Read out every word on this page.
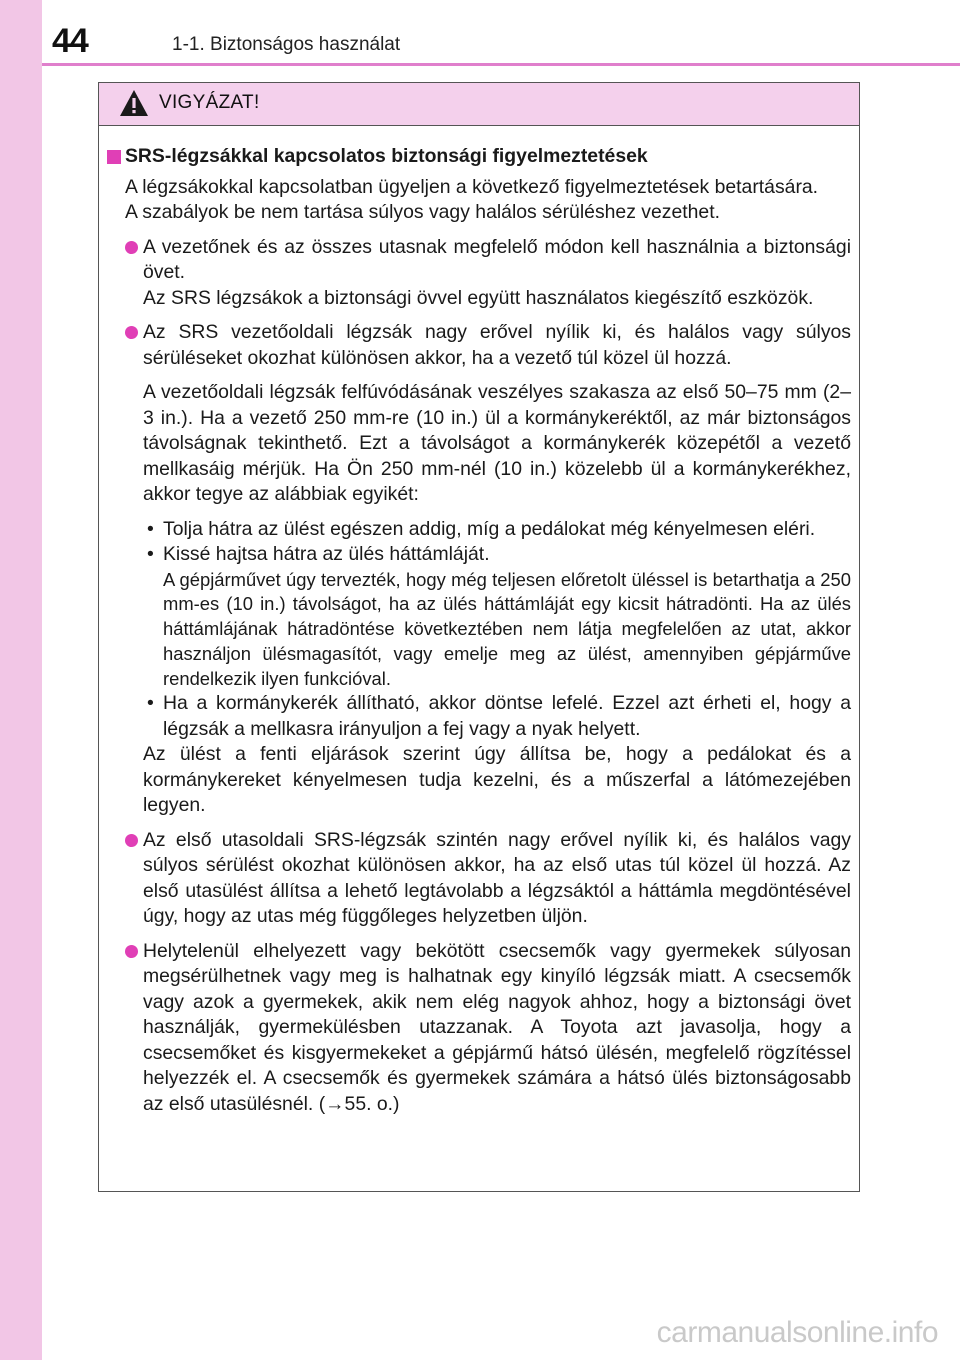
44	1-1. Biztonságos használat
VIGYÁZAT!
SRS-légzsákkal kapcsolatos biztonsági figyelmeztetések

A légzsákokkal kapcsolatban ügyeljen a következő figyelmeztetések betartására.

A szabályok be nem tartása súlyos vagy halálos sérüléshez vezethet.

A vezetőnek és az összes utasnak megfelelő módon kell használnia a biztonsági övet.

Az SRS légzsákok a biztonsági övvel együtt használatos kiegészítő eszközök.

Az SRS vezetőoldali légzsák nagy erővel nyílik ki, és halálos vagy súlyos sérüléseket okozhat különösen akkor, ha a vezető túl közel ül hozzá.

A vezetőoldali légzsák felfúvódásának veszélyes szakasza az első 50–75 mm (2–3 in.). Ha a vezető 250 mm-re (10 in.) ül a kormánykeréktől, az már biztonságos távolságnak tekinthető. Ezt a távolságot a kormánykerék közepétől a vezető mellkasáig mérjük. Ha Ön 250 mm-nél (10 in.) közelebb ül a kormánykerékhez, akkor tegye az alábbiak egyikét:

• Tolja hátra az ülést egészen addig, míg a pedálokat még kényelmesen eléri.
• Kissé hajtsa hátra az ülés háttámláját.
A gépjárművet úgy tervezték, hogy még teljesen előretolt üléssel is betarthatja a 250 mm-es (10 in.) távolságot, ha az ülés háttámláját egy kicsit hátradönti. Ha az ülés háttámlájának hátradöntése következtében nem látja megfelelően az utat, akkor használjon ülésmagasítót, vagy emelje meg az ülést, amennyiben gépjárműve rendelkezik ilyen funkcióval.
• Ha a kormánykerék állítható, akkor döntse lefelé. Ezzel azt érheti el, hogy a légzsák a mellkasra irányuljon a fej vagy a nyak helyett.

Az ülést a fenti eljárások szerint úgy állítsa be, hogy a pedálokat és a kormánykereket kényelmesen tudja kezelni, és a műszerfal a látómezejében legyen.

Az első utasoldali SRS-légzsák szintén nagy erővel nyílik ki, és halálos vagy súlyos sérülést okozhat különösen akkor, ha az első utas túl közel ül hozzá. Az első utasülést állítsa a lehető legtávolabb a légzsáktól a háttámla megdöntésével úgy, hogy az utas még függőleges helyzetben üljön.

Helytelenül elhelyezett vagy bekötött csecsemők vagy gyermekek súlyosan megsérülhetnek vagy meg is halhatnak egy kinyíló légzsák miatt. A csecsemők vagy azok a gyermekek, akik nem elég nagyok ahhoz, hogy a biztonsági övet használják, gyermekülésben utazzanak. A Toyota azt javasolja, hogy a csecsemőket és kisgyermekeket a gépjármű hátsó ülésén, megfelelő rögzítéssel helyezzék el. A csecsemők és gyermekek számára a hátsó ülés biztonságosabb az első utasülésnél. (→55. o.)

carmanualsonline.info
